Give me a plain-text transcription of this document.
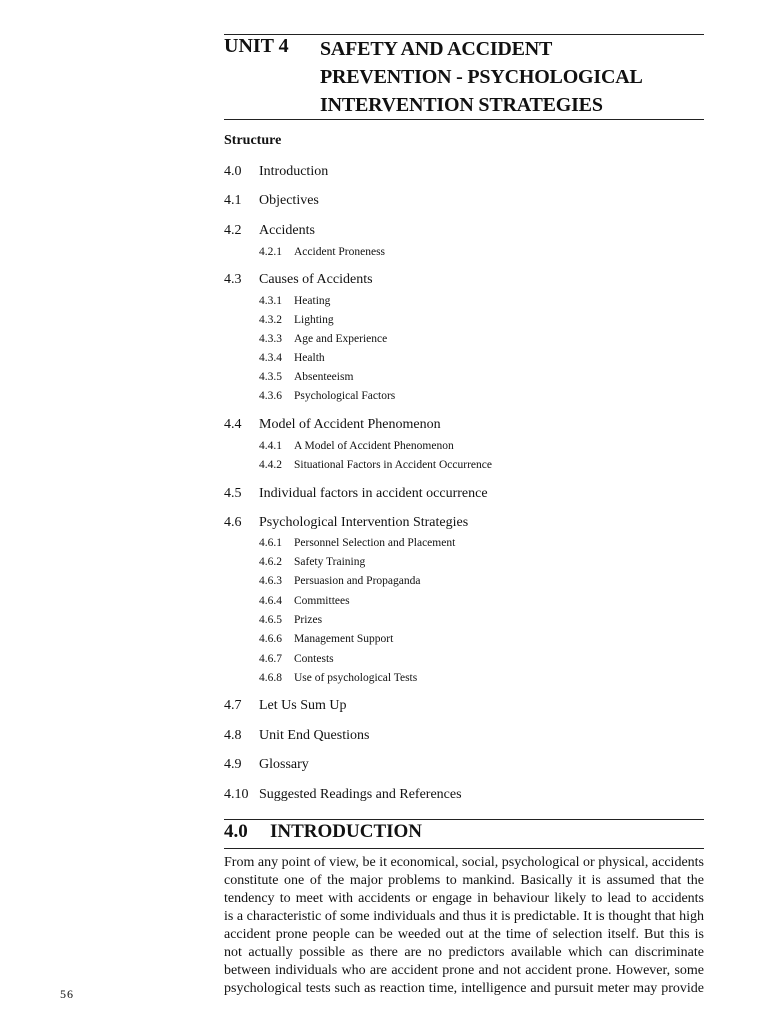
UNIT 4 SAFETY AND ACCIDENT
PREVENTION - PSYCHOLOGICAL
INTERVENTION STRATEGIES
Structure
4.0 Introduction
4.1 Objectives
4.2 Accidents
4.2.1 Accident Proneness
4.3 Causes of Accidents
4.3.1 Heating
4.3.2 Lighting
4.3.3 Age and Experience
4.3.4 Health
4.3.5 Absenteeism
4.3.6 Psychological Factors
4.4 Model of Accident Phenomenon
4.4.1 A Model of Accident Phenomenon
4.4.2 Situational Factors in Accident Occurrence
4.5 Individual factors in accident occurrence
4.6 Psychological Intervention Strategies
4.6.1 Personnel Selection and Placement
4.6.2 Safety Training
4.6.3 Persuasion and Propaganda
4.6.4 Committees
4.6.5 Prizes
4.6.6 Management Support
4.6.7 Contests
4.6.8 Use of psychological Tests
4.7 Let Us Sum Up
4.8 Unit End Questions
4.9 Glossary
4.10 Suggested Readings and References
4.0 INTRODUCTION
From any point of view, be it economical, social, psychological or physical, accidents
constitute one of the major problems to mankind. Basically it is assumed that the
tendency to meet with accidents or engage in behaviour likely to lead to accidents
is a characteristic of some individuals and thus it is predictable. It is thought that high
accident prone people can be weeded out at the time of selection itself. But this is
not actually possible as there are no predictors available which can discriminate
between individuals who are accident prone and not accident prone. However, some
psychological tests such as reaction time, intelligence and pursuit meter may provide
56
